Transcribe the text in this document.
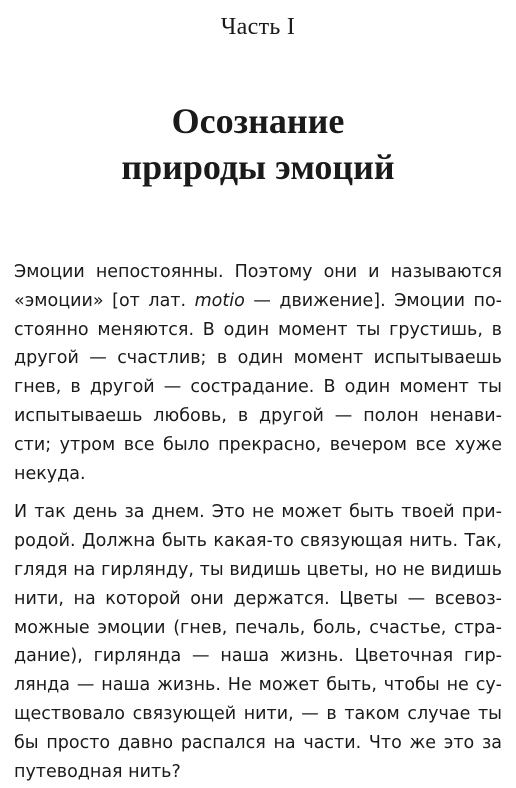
Часть I
Осознание
природы эмоций
Эмоции непостоянны. Поэтому они и называются
«эмоции» [от лат. motio — движение]. Эмоции по-
стоянно меняются. В один момент ты грустишь, в
другой — счастлив; в один момент испытываешь
гнев, в другой — сострадание. В один момент ты
испытываешь любовь, в другой — полон ненави-
сти; утром все было прекрасно, вечером все хуже
некуда.
И так день за днем. Это не может быть твоей при-
родой. Должна быть какая-то связующая нить. Так,
глядя на гирлянду, ты видишь цветы, но не видишь
нити, на которой они держатся. Цветы — всевоз-
можные эмоции (гнев, печаль, боль, счастье, стра-
дание), гирлянда — наша жизнь. Цветочная гир-
лянда — наша жизнь. Не может быть, чтобы не су-
ществовало связующей нити, — в таком случае ты
бы просто давно распался на части. Что же это за
путеводная нить?
